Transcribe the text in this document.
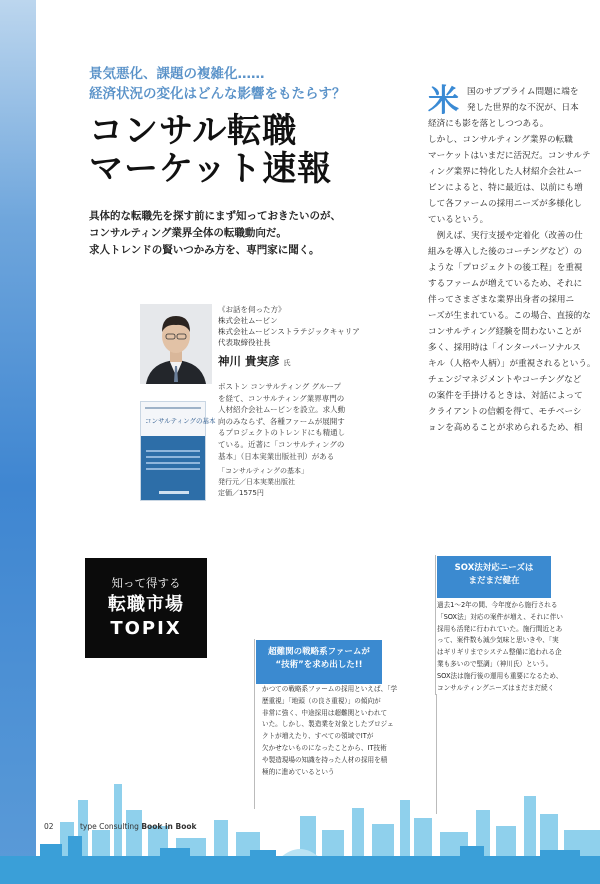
景気悪化、課題の複雑化……
経済状況の変化はどんな影響をもたらす？
コンサル転職
マーケット速報
具体的な転職先を探す前にまず知っておきたいのが、
コンサルティング業界全体の転職動向だ。
求人トレンドの賢いつかみ方を、専門家に聞く。
《お話を伺った方》
株式会社ムービン
株式会社ムービンストラテジックキャリア
代表取締役社長
神川 貴実彦 氏
ボストン コンサルティング グループ
を経て、コンサルティング業界専門の
人材紹介会社ムービンを設立。求人動
向のみならず、各種ファームが展開す
るプロジェクトのトレンドにも精通し
ている。近著に「コンサルティングの
基本」（日本実業出版社刊）がある
コンサルティングの基本
「コンサルティングの基本」
発行元／日本実業出版社
定価／1575円
米 国のサブプライム問題に端を
発した世界的な不況が、日本
経済にも影を落としつつある。
しかし、コンサルティング業界の転職
マーケットはいまだに活況だ。コンサルテ
ィング業界に特化した人材紹介会社ムー
ビンによると、特に最近は、以前にも増
して各ファームの採用ニーズが多様化し
ているという。
　例えば、実行支援や定着化（改善の仕
組みを導入した後のコーチングなど）の
ような「プロジェクトの後工程」を重視
するファームが増えているため、それに
伴ってさまざまな業界出身者の採用ニ
ーズが生まれている。この場合、直接的な
コンサルティング経験を問わないことが
多く、採用時は「インターパーソナルス
キル（人格や人柄）」が重視されるという。
チェンジマネジメントやコーチングなど
の案件を手掛けるときは、対話によって
クライアントの信頼を得て、モチベーシ
ョンを高めることが求められるため、相
知って得する
転職市場
TOPIX
超難関の戦略系ファームが
“技術”を求め出した!!
かつての戦略系ファームの採用といえば、「学
歴重視」「地頭（の良さ重視）」の傾向が
非常に強く、中途採用は超難関といわれて
いた。しかし、製造業を対象としたプロジェ
クトが増えたり、すべての領域でITが
欠かせないものになったことから、IT技術
や製造現場の知識を持った人材の採用を積
極的に進めているという
SOX法対応ニーズは
まだまだ健在
過去1～2年の間、今年度から施行される
「SOX法」対応の案件が増え、それに伴い
採用も活発に行われていた。施行間近とあ
って、案件数も減少気味と思いきや、「実
はギリギリまでシステム整備に追われる企
業も多いので堅調」（神川氏）という。
SOX法は施行後の運用も重要になるため、
コンサルティングニーズはまだまだ続く
02	type Consulting Book in Book
